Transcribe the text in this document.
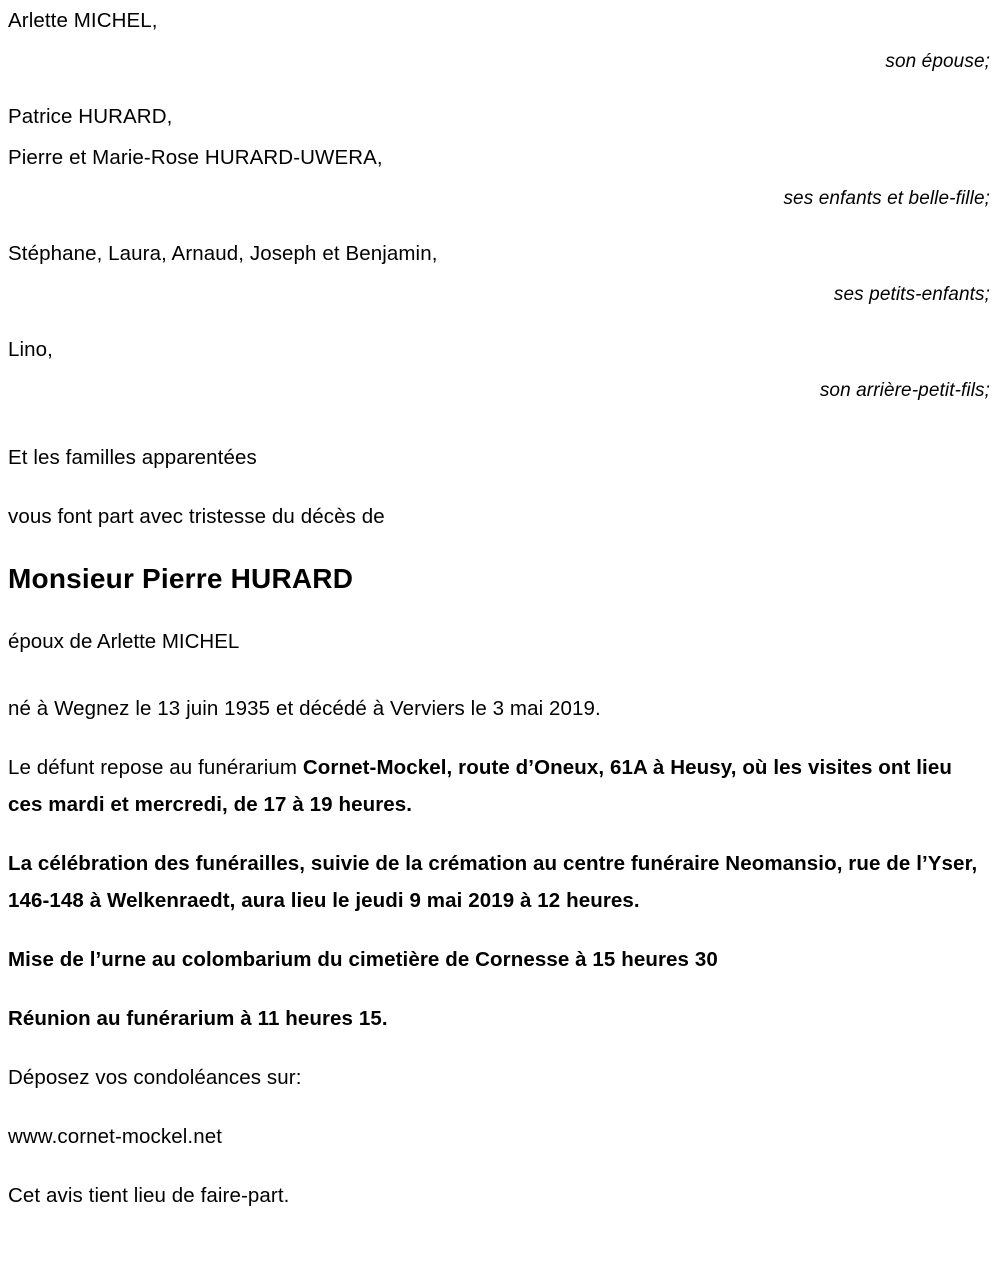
Arlette MICHEL,
son épouse;
Patrice HURARD,
Pierre et Marie-Rose HURARD-UWERA,
ses enfants et belle-fille;
Stéphane, Laura, Arnaud, Joseph et Benjamin,
ses petits-enfants;
Lino,
son arrière-petit-fils;

Et les familles apparentées

vous font part avec tristesse du décès de

Monsieur Pierre HURARD

époux de Arlette MICHEL

né à Wegnez le 13 juin 1935 et décédé à Verviers le 3 mai 2019.

Le défunt repose au funérarium Cornet-Mockel, route d’Oneux, 61A à Heusy, où les visites ont lieu ces mardi et mercredi, de 17 à 19 heures.

La célébration des funérailles, suivie de la crémation au centre funéraire Neomansio, rue de l’Yser, 146-148 à Welkenraedt, aura lieu le jeudi 9 mai 2019 à 12 heures.

Mise de l’urne au colombarium du cimetière de Cornesse à 15 heures 30

Réunion au funérarium à 11 heures 15.

Déposez vos condoléances sur:

www.cornet-mockel.net

Cet avis tient lieu de faire-part.
